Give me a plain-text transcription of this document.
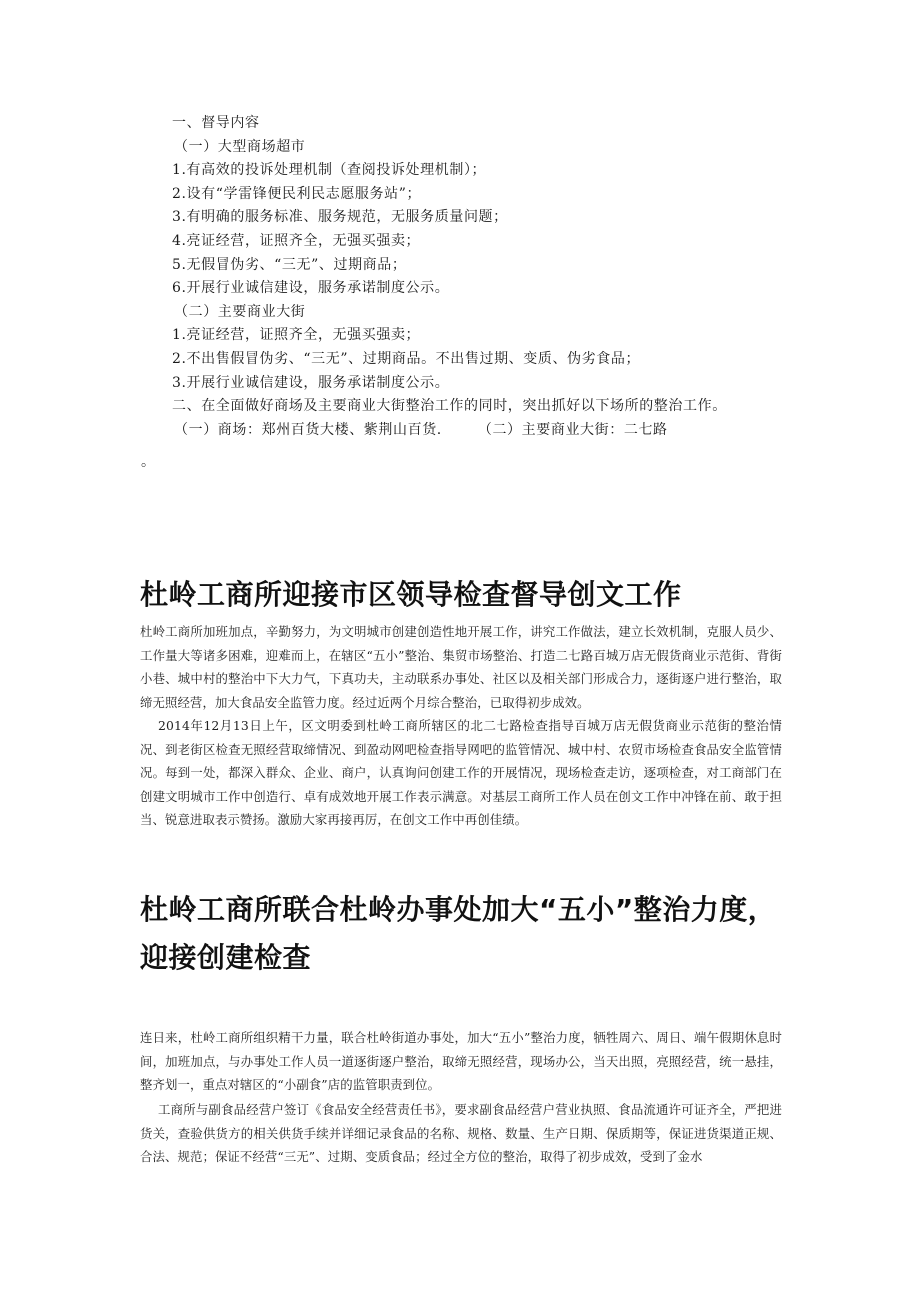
一、督导内容
（一）大型商场超市
1.有高效的投诉处理机制（查阅投诉处理机制）；
2.设有“学雷锋便民利民志愿服务站”；
3.有明确的服务标准、服务规范，无服务质量问题；
4.亮证经营，证照齐全，无强买强卖；
5.无假冒伪劣、“三无”、过期商品；
6.开展行业诚信建设，服务承诺制度公示。
（二）主要商业大街
1.亮证经营，证照齐全，无强买强卖；
2.不出售假冒伪劣、“三无”、过期商品。不出售过期、变质、伪劣食品；
3.开展行业诚信建设，服务承诺制度公示。
二、在全面做好商场及主要商业大街整治工作的同时，突出抓好以下场所的整治工作。
（一）商场：郑州百货大楼、紫荆山百货.	（二）主要商业大街：二七路
。
杜岭工商所迎接市区领导检查督导创文工作
杜岭工商所加班加点，辛勤努力，为文明城市创建创造性地开展工作，讲究工作做法，建立长效机制，克服人员少、工作量大等诸多困难，迎难而上，在辖区“五小”整治、集贸市场整治、打造二七路百城万店无假货商业示范街、背街小巷、城中村的整治中下大力气，下真功夫，主动联系办事处、社区以及相关部门形成合力，逐街逐户进行整治，取缔无照经营，加大食品安全监管力度。经过近两个月综合整治，已取得初步成效。
2014年12月13日上午，区文明委到杜岭工商所辖区的北二七路检查指导百城万店无假货商业示范街的整治情况、到老街区检查无照经营取缔情况、到盈动网吧检查指导网吧的监管情况、城中村、农贸市场检查食品安全监管情况。每到一处，都深入群众、企业、商户，认真询问创建工作的开展情况，现场检查走访，逐项检查，对工商部门在创建文明城市工作中创造行、卓有成效地开展工作表示满意。对基层工商所工作人员在创文工作中冲锋在前、敢于担当、锐意进取表示赞扬。激励大家再接再厉，在创文工作中再创佳绩。
杜岭工商所联合杜岭办事处加大“五小”整治力度，迎接创建检查
连日来，杜岭工商所组织精干力量，联合杜岭街道办事处，加大“五小”整治力度，牺牲周六、周日、端午假期休息时间，加班加点，与办事处工作人员一道逐街逐户整治，取缔无照经营，现场办公，当天出照，亮照经营，统一悬挂，整齐划一，重点对辖区的“小副食”店的监管职责到位。
工商所与副食品经营户签订《食品安全经营责任书》，要求副食品经营户营业执照、食品流通许可证齐全，严把进货关，查验供货方的相关供货手续并详细记录食品的名称、规格、数量、生产日期、保质期等，保证进货渠道正规、合法、规范；保证不经营“三无”、过期、变质食品；经过全方位的整治，取得了初步成效，受到了金水
